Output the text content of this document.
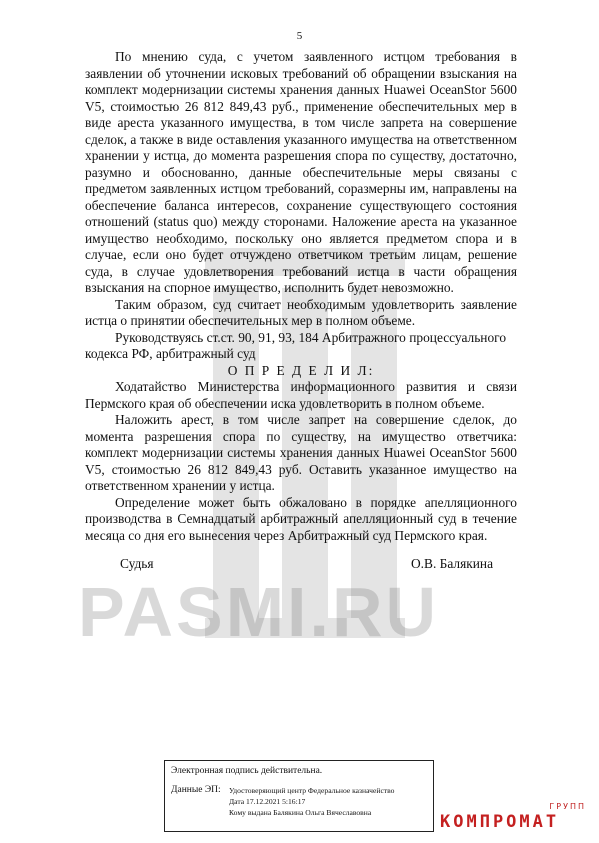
PASMI.RU
5

По мнению суда, с учетом заявленного истцом требования в заявлении об уточнении исковых требований об обращении взыскания на комплект модернизации системы хранения данных Huawei OceanStor 5600 V5, стоимостью 26 812 849,43 руб., применение обеспечительных мер в виде ареста указанного имущества, в том числе запрета на совершение сделок, а также в виде оставления указанного имущества на ответственном хранении у истца, до момента разрешения спора по существу, достаточно, разумно и обоснованно, данные обеспечительные меры связаны с предметом заявленных истцом требований, соразмерны им, направлены на обеспечение баланса интересов, сохранение существующего состояния отношений (status quo) между сторонами. Наложение ареста на указанное имущество необходимо, поскольку оно является предметом спора и в случае, если оно будет отчуждено ответчиком третьим лицам, решение суда, в случае удовлетворения требований истца в части обращения взыскания на спорное имущество, исполнить будет невозможно.

Таким образом, суд считает необходимым удовлетворить заявление истца о принятии обеспечительных мер в полном объеме.

Руководствуясь ст.ст. 90, 91, 93, 184 Арбитражного процессуального

кодекса РФ, арбитражный суд

О П Р Е Д Е Л И Л:

Ходатайство Министерства информационного развития и связи Пермского края об обеспечении иска удовлетворить в полном объеме.

Наложить арест, в том числе запрет на совершение сделок, до момента разрешения спора по существу, на имущество ответчика: комплект модернизации системы хранения данных Huawei OceanStor 5600 V5, стоимостью 26 812 849,43 руб. Оставить указанное имущество на ответственном хранении у истца.

Определение может быть обжаловано в порядке апелляционного производства в Семнадцатый арбитражный апелляционный суд в течение месяца со дня его вынесения через Арбитражный суд Пермского края.

Судья	О.В. Балякина
Электронная подпись действительна.
Данные ЭП: Удостоверяющий центр Федеральное казначейство
Дата 17.12.2021 5:16:17
Кому выдана Балякина Ольга Вячеславовна
ГРУПП
КОМПРОМАТ
